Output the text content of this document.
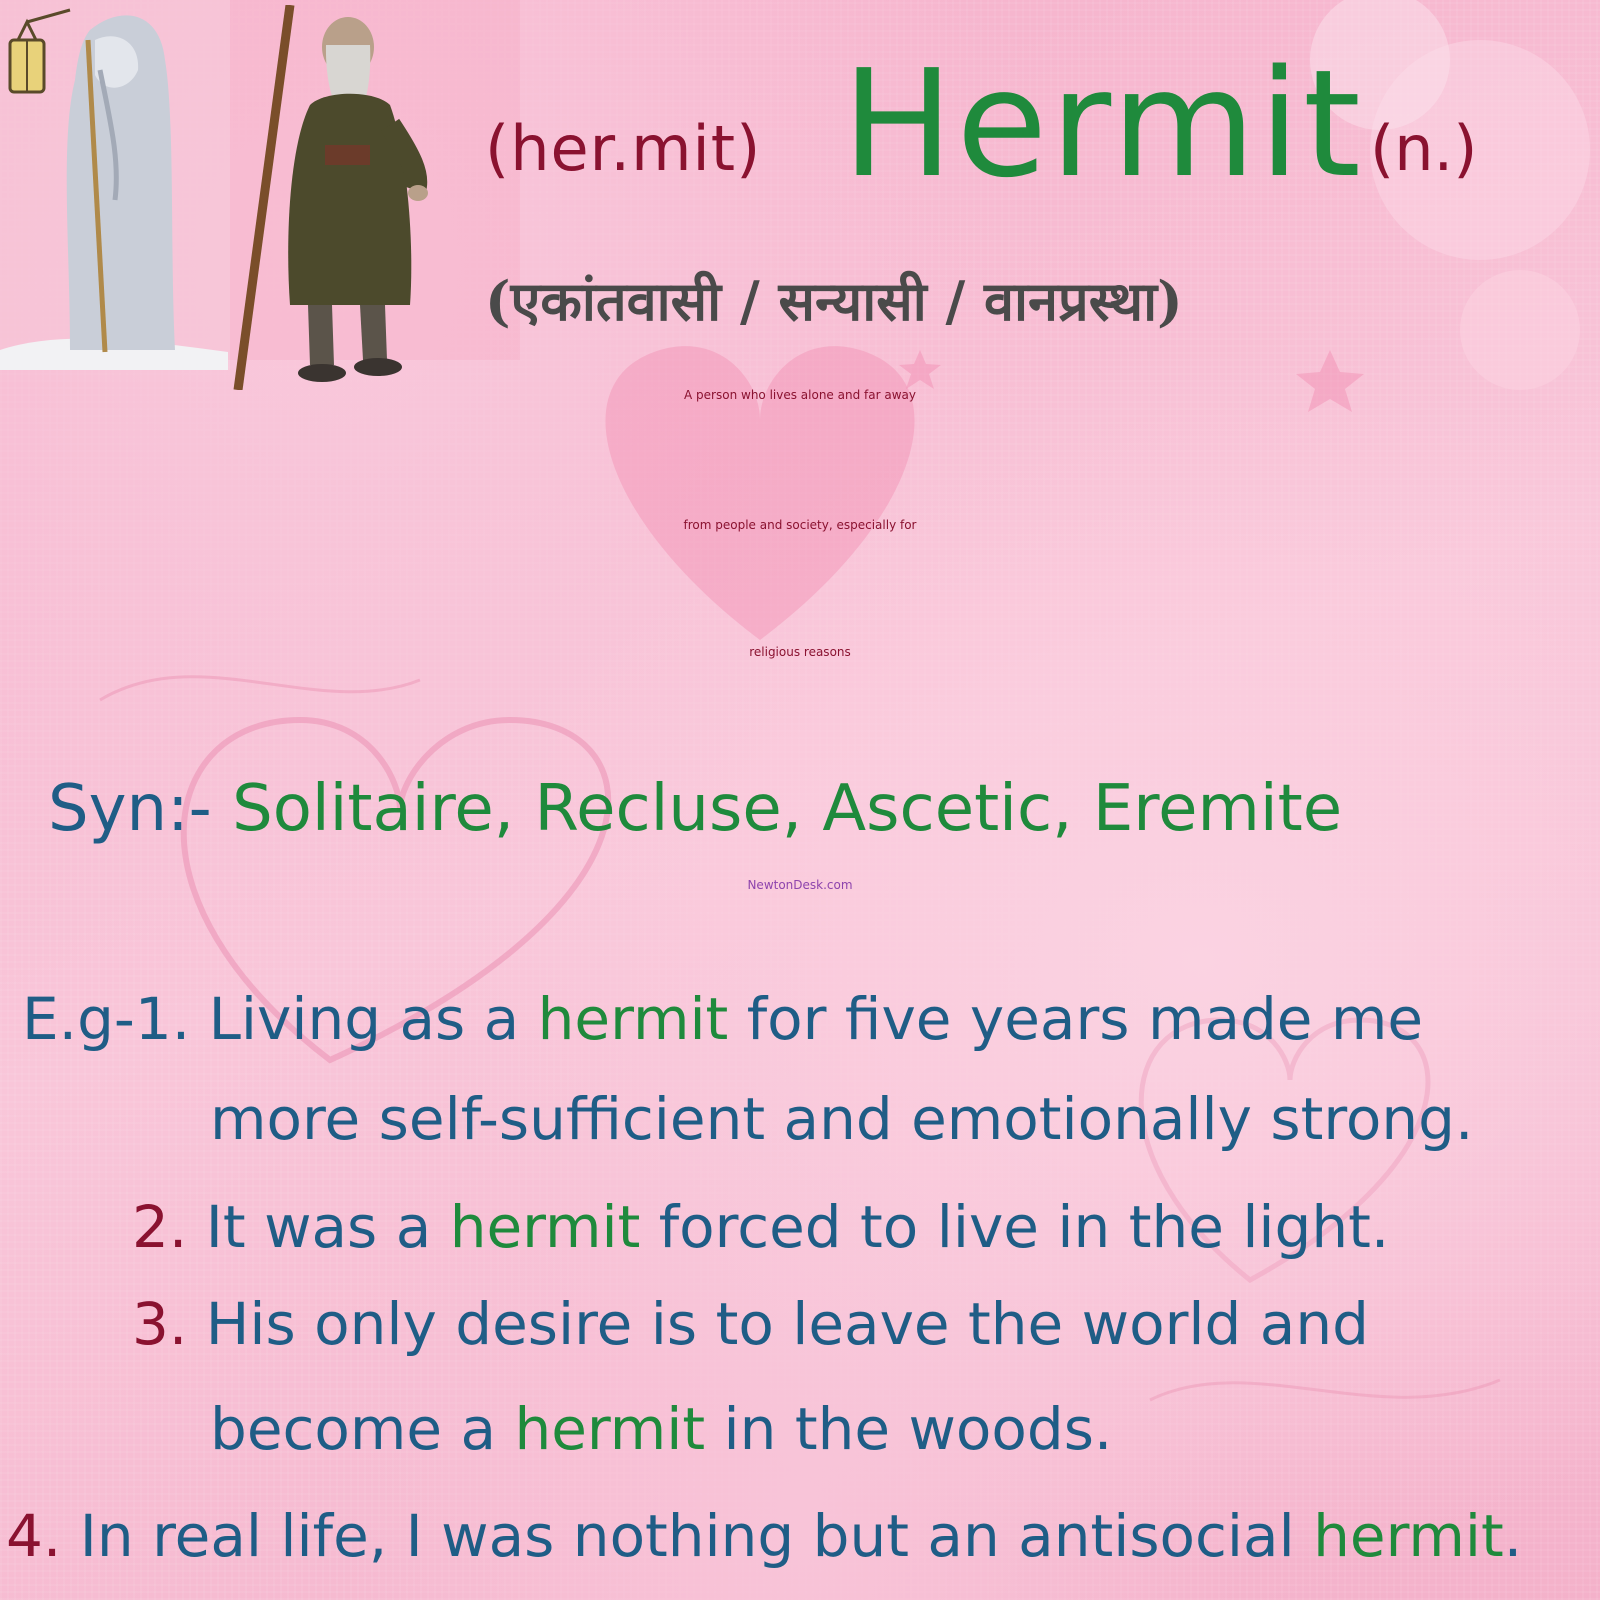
(her.mit) Hermit (n.)
(एकांतवासी / सन्यासी / वानप्रस्था)
A person who lives alone and far away
from people and society, especially for
religious reasons
Syn:- Solitaire, Recluse, Ascetic, Eremite
NewtonDesk.com
E.g-1. Living as a hermit for five years made me
more self-sufficient and emotionally strong.
2. It was a hermit forced to live in the light.
3. His only desire is to leave the world and
become a hermit in the woods.
4. In real life, I was nothing but an antisocial hermit.
